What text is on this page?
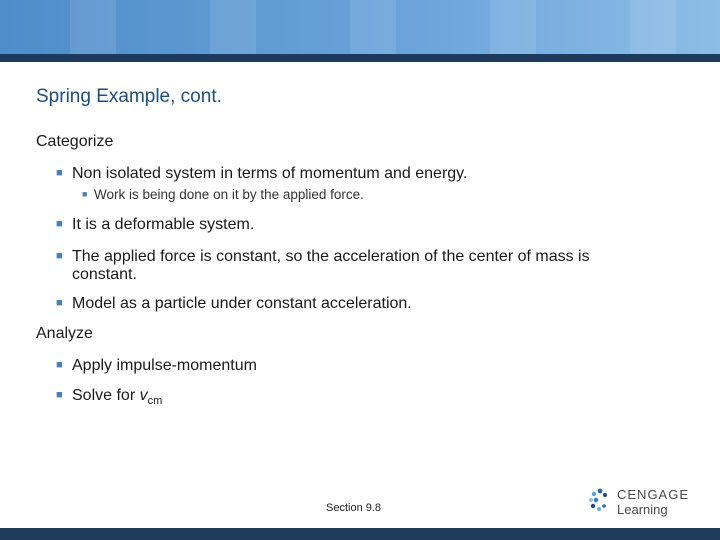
Spring Example, cont.
Categorize
■ Non isolated system in terms of momentum and energy.
■ Work is being done on it by the applied force.
■ It is a deformable system.
■ The applied force is constant, so the acceleration of the center of mass is
constant.
■ Model as a particle under constant acceleration.
Analyze
■ Apply impulse-momentum
■ Solve for $v_{cm}$
Section 9.8
CENGAGE
Learning
